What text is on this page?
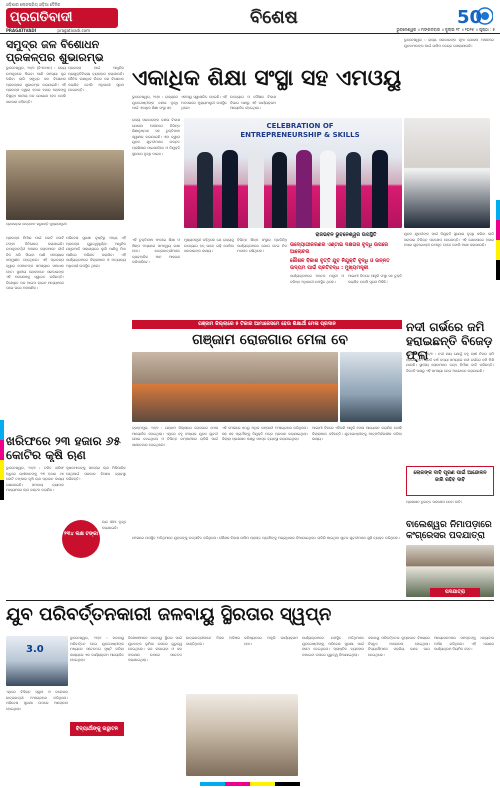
ଓଡ଼ିଶାର ଲୋକପ୍ରିୟ ଓଡ଼ିଆ ଦୈନିକ
ପ୍ରଗତିବାଦୀ
PRAGATIVADI	pragativadi.com
ବିଶେଷ	50
ଭୁବନେଶ୍ୱର ॥ ମଙ୍ଗଳବାର ॥ ଜୁଲାଇ ୨୮ ॥ ୨୦୨୫ ॥ ପୃଷ୍ଠା : ୫
ସମୁଦ୍ର ଜଳ ବିଶୋଧନ ପ୍ରକଳ୍ପର ଶୁଭାରମ୍ଭ
ଭୁବନେଶ୍ୱର, ୨୭/୭ (ବିଏସଏନ) : ରାଜ୍ୟ ଉପକୂଳରେ ପିଇବା ପାଣି ସମସ୍ୟା ଦୂର କରିବା ଲାଗି ସମୁଦ୍ର ଜଳ ବିଶୋଧନ ପ୍ରକଳ୍ପର ଶୁଭାରମ୍ଭ କରାଯାଇଛି। ଏହି ପ୍ରକଳ୍ପ ଦ୍ୱାରା ହଜାର ହଜାର ଲୋକଙ୍କୁ ବିଶୁଦ୍ଧ ପାନୀୟ ଜଳ ଯୋଗାଣ ହେବ ବୋଲି ସରକାର କହିଛନ୍ତି।
ପ୍ରକଳ୍ପ ପାଇଁ ଆଧୁନିକ ପ୍ରଯୁକ୍ତିବିଦ୍ୟା ବ୍ୟବହାର କରାଯାଉଛି। ଦୈନିକ ଲକ୍ଷାଧିକ ଲିଟର ଜଳ ବିଶୋଧନ କରାଯିବ ବୋଲି ଅଧିକାରୀ ସୂଚନା ଦେଇଛନ୍ତି।
ପ୍ରକଳ୍ପର ଉଦ୍‌ଘାଟନ କରୁଛନ୍ତି ମୁଖ୍ୟମନ୍ତ୍ରୀ।
ଏକାଧିକ ଶିକ୍ଷା ସଂସ୍ଥା ସହ ଏମଓୟୁ
ଭୁବନେଶ୍ୱର, ୨୭/୭ : ରାଜ୍ୟରେ ଯୁବଗୋଷ୍ଠୀଙ୍କ ଦକ୍ଷତା ବୃଦ୍ଧି ପାଇଁ ଏକାଧିକ ଶିକ୍ଷା ସଂସ୍ଥା ସହ
ଏମଓୟୁ ସ୍ୱାକ୍ଷରିତ ହୋଇଛି। ଏହି ଅବସରରେ ମୁଖ୍ୟମନ୍ତ୍ରୀ ଉପସ୍ଥିତ ଥିଲେ।
ଉଦ୍ୟୋଗ ଓ କୌଶଳ ବିକାଶ ବିଭାଗ ପକ୍ଷରୁ ଏହି କାର୍ଯ୍ୟକ୍ରମ ଆୟୋଜିତ ହୋଇଥିଲା।
CELEBRATION OF ENTREPRENEURSHIP & SKILLS
ରାଜ୍ୟ ସରକାରଙ୍କ ଦକ୍ଷତା ବିକାଶ ଯୋଜନା ଅଧୀନରେ ବିଭିନ୍ନ ଶିକ୍ଷାନୁଷ୍ଠାନ ସହ ଚୁକ୍ତିନାମା ସ୍ୱାକ୍ଷର କରାଯାଇଛି। ଏହା ଦ୍ୱାରା ଯୁବକ ଯୁବତୀମାନେ ଉନ୍ନତ ପ୍ରଶିକ୍ଷଣ ପାଇପାରିବେ ଓ ନିଯୁକ୍ତି ସୁଯୋଗ ବୃଦ୍ଧି ପାଇବ।
ଭୁବନେଶ୍ୱର : ରାଜ୍ୟ ସରକାରଙ୍କ ନୂଆ ଯୋଜନା ଅଧୀନରେ ଯୁବକମାନଙ୍କ ପାଇଁ ତାଲିମ କେନ୍ଦ୍ର ଖୋଲାଯାଉଛି।
ରାଜଭବନ ଭୁବନେଶ୍ୱର ଉପସ୍ଥିତି
ଉଦ୍ୟୋଗୀକରଣର ଏଣ୍ଟାଇ ଦକ୍ଷତାର ବୃଦ୍ଧି ଉପରେ ଆଲୋଚନା
କୌଶଳ ବିକାଶ ବୃତ୍ତି ଯୁବ ନିଯୁକ୍ତି ବୃଦ୍ଧି ଓ ଉନ୍ନତ ଉଦ୍ୟମ ପାଇଁ ପ୍ରତିବଦ୍ଧ : ମୁଖ୍ୟମନ୍ତ୍ରୀ
ଏହି ଚୁକ୍ତିନାମା ଫଳରେ ଶିକ୍ଷା ଓ ଶିଳ୍ପ ମଧ୍ୟରେ ସମନ୍ୱୟ ରକ୍ଷା ହେବ। ଛାତ୍ରଛାତ୍ରୀମାନେ ବ୍ୟବହାରିକ ଜ୍ଞାନ ଆହରଣ କରିପାରିବେ।
ମୁଖ୍ୟମନ୍ତ୍ରୀ କହିଥିଲେ ଯେ ରାଜ୍ୟକୁ ଉଦ୍ୟୋଗ ହବ୍ ଭାବେ ଗଢ଼ି ତୋଳିବା ସରକାରଙ୍କ ଲକ୍ଷ୍ୟ।
ବିଭିନ୍ନ ଶିଳ୍ପ ସଂସ୍ଥାର ପ୍ରତିନିଧି କାର୍ଯ୍ୟକ୍ରମରେ ଯୋଗ ଦେଇ ନିଜ ମତାମତ ରଖିଥିଲେ।
କାର୍ଯ୍ୟକ୍ରମରେ ଅନେକ ମନ୍ତ୍ରୀ ଓ ବରିଷ୍ଠ ଅଧିକାରୀ ଉପସ୍ଥିତ ଥିଲେ।
ଆଗାମୀ ଦିନରେ ଆହୁରି ସଂସ୍ଥା ସହ ଚୁକ୍ତି କରାଯିବ ବୋଲି ସୂଚନା ମିଳିଛି।
ଯୁବକ ଯୁବତୀଙ୍କ ପାଇଁ ନିଯୁକ୍ତି ସୁଯୋଗ ବୃଦ୍ଧି କରିବା ଲାଗି ସରକାର ବିଭିନ୍ନ ପଦକ୍ଷେପ ନେଉଛନ୍ତି। ଏହି ଯୋଜନାରେ ହଜାର ହଜାର ଯୁବଗୋଷ୍ଠୀ ଉପକୃତ ହେବେ ବୋଲି ଆଶା କରାଯାଉଛି।
ପ୍ରକଳ୍ପ ନିର୍ମାଣ ପାଇଁ କୋଟି କୋଟି ଟଙ୍କା ବିନିଯୋଗ କରାଯାଇଛି। ଉପକୂଳବର୍ତ୍ତୀ ଅଞ୍ଚଳର ଲୋକମାନେ ଦୀର୍ଘ ଦିନ ଧରି ପିଇବା ପାଣି ସମସ୍ୟାର ସମ୍ମୁଖୀନ ହେଉଥିଲେ। ଏହି ପ୍ରକଳ୍ପ ଦ୍ୱାରା ସେମାନଙ୍କ ସମସ୍ୟାର ସମାଧାନ ହେବ। ସ୍ଥାନୀୟ ଲୋକମାନେ ସରକାରଙ୍କ ଏହି ପଦକ୍ଷେପକୁ ସ୍ୱାଗତ କରିଛନ୍ତି। ବିଶୋଧିତ ଜଳ ପାଇପ ଲାଇନ ମାଧ୍ୟମରେ ଘରେ ଘରେ ପହଞ୍ଚାଯିବ।
ପରିବେଶ ସୁରକ୍ଷା ଦୃଷ୍ଟିରୁ ମଧ୍ୟ ଏହି ପ୍ରକଳ୍ପ ଗୁରୁତ୍ୱପୂର୍ଣ୍ଣ। ଆଧୁନିକ ଯନ୍ତ୍ରପାତି ସାହାଯ୍ୟରେ ଲୁଣି ପାଣିକୁ ମିଠା ପାଣିରେ ପରିଣତ କରାଯିବ। ଏହି କାର୍ଯ୍ୟକ୍ରମରେ ଜିଲ୍ଲାପାଳ ଓ ଅନ୍ୟାନ୍ୟ ଅଧିକାରୀ ଉପସ୍ଥିତ ଥିଲେ।
ଖରିଫରେ ୨୩ ହଜାର ୬୫ କୋଟିର କୃଷି ଋଣ
ଭୁବନେଶ୍ୱର, ୨୭/୭ : ଚଳିତ ଖରିଫ ଋତୁରେ ଚାଷୀମାନଙ୍କୁ ୨୩ ହଜାର ୬୫ କୋଟି ଟଙ୍କାର କୃଷି ଋଣ ପ୍ରଦାନ ଲକ୍ଷ୍ୟ ରଖାଯାଇଛି। ସମବାୟ ବ୍ୟାଙ୍କ ମାଧ୍ୟମରେ ଋଣ ବଣ୍ଟନ କରାଯିବ।
କୃଷକମାନଙ୍କୁ ସହଜରେ ଋଣ ମିଳିପାରିବ ସେଥିପାଇଁ ସରକାର ବିଶେଷ ବ୍ୟବସ୍ଥା କରିଛନ୍ତି।
୨୩୪ ଲକ୍ଷ ଟଙ୍କା
ଋଣ ସୀମା ବୃଦ୍ଧି କରାଯାଇଛି।
ଗଞ୍ଜାମ ଜିଲ୍ଲାରେ ୫ ଟିକାର ଆମାକେସମେ ହେଉ ଶିକ୍ଷାର୍ଥୀ ମେଳା ପ୍ରଦାନ
ଗଞ୍ଜାମ ରୋଜଗାର ମେଳା ବେ
ବ୍ରହ୍ମପୁର, ୨୭/୭ : ଗଞ୍ଜାମ ଜିଲ୍ଲାରେ ରୋଜଗାର ମେଳା ଆୟୋଜିତ ହୋଇଥିଲା। ଏଥିରେ ବହୁ ସଂଖ୍ୟକ ଯୁବକ ଯୁବତୀ ଯୋଗ ଦେଇଥିଲେ ଓ ବିଭିନ୍ନ କମ୍ପାନୀରେ ଚାକିରି ପାଇଁ ସାକ୍ଷାତକାର ଦେଇଥିଲେ।
ଏହି ମେଳାରେ ୫୦ରୁ ଅଧିକ କମ୍ପାନୀ ଅଂଶଗ୍ରହଣ କରିଥିଲେ। ଶହ ଶହ ପ୍ରାର୍ଥୀଙ୍କୁ ନିଯୁକ୍ତି ପତ୍ର ପ୍ରଦାନ କରାଯାଇଥିଲା। ଜିଲ୍ଲା ପ୍ରଶାସନ ପକ୍ଷରୁ ସମସ୍ତ ବ୍ୟବସ୍ଥା କରାଯାଇଥିଲା।
ଆଗାମୀ ଦିନରେ ଏହିଭଳି ଆହୁରି ମେଳା ଆୟୋଜନ କରାଯିବ ବୋଲି ଜିଲ୍ଲାପାଳ କହିଛନ୍ତି। ଯୁବଗୋଷ୍ଠୀଙ୍କୁ ଆତ୍ମନିର୍ଭରଶୀଳ କରିବା ଲକ୍ଷ୍ୟ।
ମେଳାରେ ଉପସ୍ଥିତ ଅତିଥିମାନେ ଯୁବକଙ୍କୁ ଉତ୍ସାହିତ କରିଥିଲେ। କୌଶଳ ବିକାଶ ତାଲିମ ପ୍ରାପ୍ତ ପ୍ରାର୍ଥୀଙ୍କୁ ଅଗ୍ରାଧିକାର ଦିଆଯାଇଥିଲା। ଚାକିରି ପାଇଥିବା ଯୁବକ ଯୁବତୀମାନେ ଖୁସି ବ୍ୟକ୍ତ କରିଥିଲେ।
ନଦୀ ଗର୍ଭରେ ଜମି ହରାଇଛନ୍ତି ବିଜେଡ଼ ଫ୍ଲା
କେନ୍ଦ୍ରାପଡ଼ା, ୨୭/୭ : ନଦୀ କ୍ଷୟ ଯୋଗୁଁ ବହୁ ଚାଷୀ ନିଜର ଜମି ହରାଇଛନ୍ତି। ପ୍ରତି ବର୍ଷ ବନ୍ୟା ସମୟରେ ନଦୀ ଗର୍ଭରେ ଜମି ମିଶି ଯାଉଛି। ସ୍ଥାନୀୟ ଲୋକମାନେ ବନ୍ଧ ନିର୍ମାଣ ଦାବି କରିଛନ୍ତି। ବିଜେଡି ପକ୍ଷରୁ ଏହି ସମସ୍ୟା ନେଇ ଆନ୍ଦୋଳନ କରାଯାଇଛି।
ଲୋକଙ୍କ ଦାବି ପୂରଣ ପାଇଁ ଆନ୍ଦୋଳନ ଜାରି ରହିବ ଦାବି
ପ୍ରଶାସନ ତୁରନ୍ତ ପଦକ୍ଷେପ ନେବା ଦାବି।
ବାଲେଶ୍ୱର ନିମାପଡ଼ାରେ କଂଗ୍ରେସର ପଦଯାତ୍ରା
ପଦଯାତ୍ରା
ଯୁବ ପରିବର୍ତ୍ତନକାରୀ ଜଳବାୟୁ ସ୍ଥିରତାର ସ୍ୱପ୍ନ
3.0
ଭୁବନେଶ୍ୱର, ୨୭/୭ : ଜଳବାୟୁ ପରିବର୍ତ୍ତନ ନେଇ ଯୁବଗୋଷ୍ଠୀଙ୍କ ମଧ୍ୟରେ ସଚେତନତା ସୃଷ୍ଟି କରିବା ଲକ୍ଷ୍ୟରେ ଏକ କାର୍ଯ୍ୟକ୍ରମ ଆୟୋଜିତ ହୋଇଥିଲା।
ଏଥିରେ ବିଭିନ୍ନ ସ୍କୁଲ ଓ କଲେଜର ଛାତ୍ରଛାତ୍ରୀ ଅଂଶଗ୍ରହଣ କରିଥିଲେ। ପରିବେଶ ସୁରକ୍ଷା ଉପରେ ଆଲୋଚନା ହୋଇଥିଲା।
ବିଶେଷଜ୍ଞମାନେ ଜଳବାୟୁ ସ୍ଥିରତା ପାଇଁ ଯୁବକଙ୍କ ଭୂମିକା ଉପରେ ଗୁରୁତ୍ୱ ଦେଇଥିଲେ। ଗଛ ଲଗାଇବା ଓ ଜଳ ସଂରକ୍ଷଣ ଉପରେ ସଚେତନ କରାଯାଇଥିଲା।
ଛାତ୍ରଛାତ୍ରୀମାନେ ନିଜର ଅଭିଜ୍ଞତା ବାଣ୍ଟିଥିଲେ।
ଭବିଷ୍ୟତରେ ଆହୁରି କାର୍ଯ୍ୟକ୍ରମ ହେବ।
କାର୍ଯ୍ୟକ୍ରମରେ ଉପସ୍ଥିତ ଅତିଥିମାନେ ଯୁବଗୋଷ୍ଠୀଙ୍କୁ ପରିବେଶ ସୁରକ୍ଷା ପାଇଁ ଶପଥ ଦେଇଥିଲେ। ପ୍ଲାଷ୍ଟିକ ବ୍ୟବହାର କମାଇବା ଉପରେ ଗୁରୁତ୍ୱ ଦିଆଯାଇଥିଲା।
ଜଳବାୟୁ ପରିବର୍ତ୍ତନର କୁପ୍ରଭାବ ବିଷୟରେ ବିସ୍ତୃତ ଆଲୋଚନା ହୋଇଥିଲା। ବିଦ୍ୟାର୍ଥୀମାନେ ସକ୍ରିୟ ଭାବେ ଭାଗ ନେଇଥିଲେ।
ଆୟୋଜକମାନେ ସମସ୍ତଙ୍କୁ ଧନ୍ୟବାଦ ଅର୍ପଣ କରିଥିଲେ। ଏହି ଧରଣର କାର୍ଯ୍ୟକ୍ରମ ନିୟମିତ ହେବ।
ବିଦ୍ୟାର୍ଥୀଙ୍କୁ ଉଦ୍ଘାଟନ
